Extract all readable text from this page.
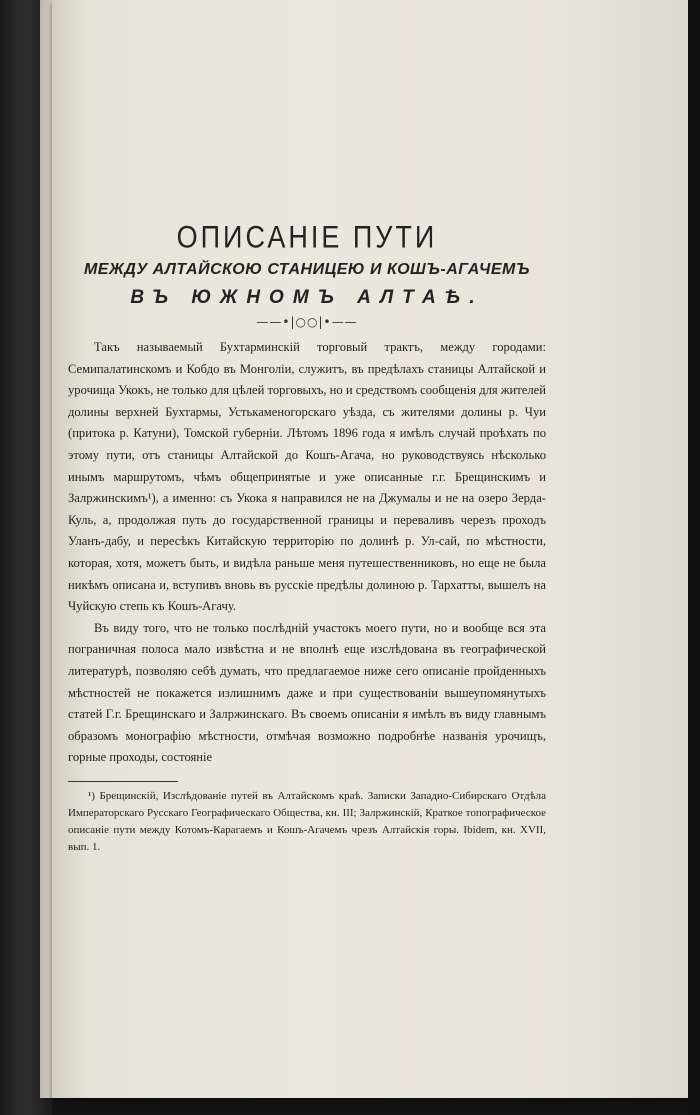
ОПИСАНІЕ ПУТИ
МЕЖДУ АЛТАЙСКОЮ СТАНИЦЕЮ И КОШЪ-АГАЧЕМЪ
ВЪ ЮЖНОМЪ АЛТАѢ.
——•|○○|•——

Такъ называемый Бухтарминскій торговый трактъ, между городами: Семипалатинскомъ и Кобдо въ Монголіи, служитъ, въ предѣлахъ станицы Алтайской и урочища Укокъ, не только для цѣлей торговыхъ, но и средствомъ сообщенія для жителей долины верхней Бухтармы, Устькаменогорскаго уѣзда, съ жителями долины р. Чуи (притока р. Катуни), Томской губерніи. Лѣтомъ 1896 года я имѣлъ случай проѣхать по этому пути, отъ станицы Алтайской до Кошъ-Агача, но руководствуясь нѣсколько инымъ маршрутомъ, чѣмъ общепринятые и уже описанные г.г. Брещинскимъ и Залржинскимъ¹), а именно: съ Укока я направился не на Джумалы и не на озеро Зерда-Куль, а, продолжая путь до государственной границы и переваливъ черезъ проходъ Уланъ-дабу, и пересѣкъ Китайскую территорію по долинѣ р. Ул-сай, по мѣстности, которая, хотя, можетъ быть, и видѣла раньше меня путешественниковъ, но еще не была никѣмъ описана и, вступивъ вновь въ русскіе предѣлы долиною р. Тархатты, вышелъ на Чуйскую степь къ Кошъ-Агачу.

Въ виду того, что не только послѣдній участокъ моего пути, но и вообще вся эта пограничная полоса мало извѣстна и не вполнѣ еще изслѣдована въ географической литературѣ, позволяю себѣ думать, что предлагаемое ниже сего описаніе пройденныхъ мѣстностей не покажется излишнимъ даже и при существованіи вышеупомянутыхъ статей Г.г. Брещинскаго и Залржинскаго. Въ своемъ описаніи я имѣлъ въ виду главнымъ образомъ монографію мѣстности, отмѣчая возможно подробнѣе названія урочищъ, горные проходы, состояніе

¹) Брещинскій, Изслѣдованіе путей въ Алтайскомъ краѣ. Записки Западно-Сибирскаго Отдѣла Императорскаго Русскаго Географическаго Общества, кн. III; Залржинскій, Краткое топографическое описаніе пути между Котомъ-Карагаемъ и Кошъ-Агачемъ чрезъ Алтайскія горы. Ibidem, кн. XVII, вып. 1.
